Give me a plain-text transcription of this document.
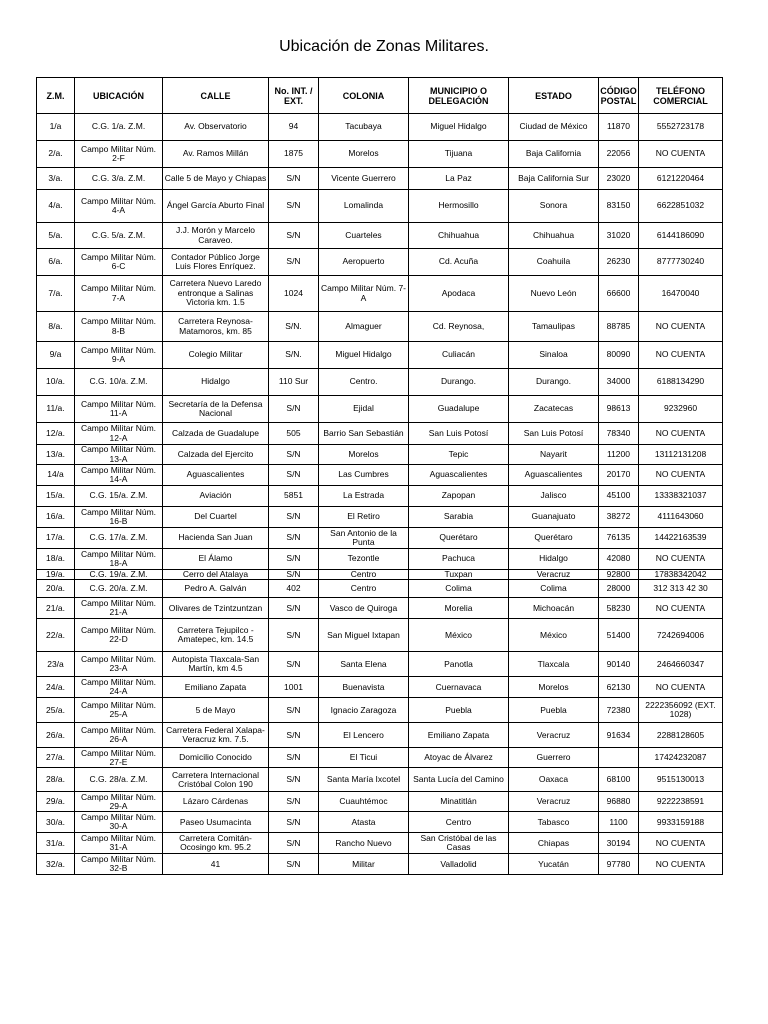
Ubicación de Zonas Militares.
Z.M.	UBICACIÓN	CALLE	No. INT. / EXT.	COLONIA	MUNICIPIO O DELEGACIÓN	ESTADO	CÓDIGO POSTAL	TELÉFONO COMERCIAL
1/a	C.G. 1/a. Z.M.	Av. Observatorio	94	Tacubaya	Miguel Hidalgo	Ciudad de México	11870	5552723178
2/a.	Campo Militar Núm. 2-F	Av. Ramos Millán	1875	Morelos	Tijuana	Baja California	22056	NO CUENTA
3/a.	C.G. 3/a. Z.M.	Calle 5 de Mayo y Chiapas	S/N	Vicente Guerrero	La Paz	Baja California Sur	23020	6121220464
4/a.	Campo Militar Núm. 4-A	Ángel García Aburto Final	S/N	Lomalinda	Hermosillo	Sonora	83150	6622851032
5/a.	C.G. 5/a. Z.M.	J.J. Morón y Marcelo Caraveo.	S/N	Cuarteles	Chihuahua	Chihuahua	31020	6144186090
6/a.	Campo Militar Núm. 6-C	Contador Público Jorge Luis Flores Enríquez.	S/N	Aeropuerto	Cd. Acuña	Coahuila	26230	8777730240
7/a.	Campo Militar Núm. 7-A	Carretera Nuevo Laredo entronque a Salinas Victoria km. 1.5	1024	Campo Militar Núm. 7-A	Apodaca	Nuevo León	66600	16470040
8/a.	Campo Militar Núm. 8-B	Carretera Reynosa-Matamoros, km. 85	S/N.	Almaguer	Cd. Reynosa,	Tamaulipas	88785	NO CUENTA
9/a	Campo Militar Núm. 9-A	Colegio Militar	S/N.	Miguel Hidalgo	Culiacán	Sinaloa	80090	NO CUENTA
10/a.	C.G. 10/a. Z.M.	Hidalgo	110 Sur	Centro.	Durango.	Durango.	34000	6188134290
11/a.	Campo Militar Núm. 11-A	Secretaría de la Defensa Nacional	S/N	Ejidal	Guadalupe	Zacatecas	98613	9232960
12/a.	Campo Militar Núm. 12-A	Calzada de Guadalupe	505	Barrio San Sebastián	San Luis Potosí	San Luis Potosí	78340	NO CUENTA
13/a.	Campo Militar Núm. 13-A	Calzada del Ejercito	S/N	Morelos	Tepic	Nayarit	11200	13112131208
14/a	Campo Militar Núm. 14-A	Aguascalientes	S/N	Las Cumbres	Aguascalientes	Aguascalientes	20170	NO CUENTA
15/a.	C.G. 15/a. Z.M.	Aviación	5851	La Estrada	Zapopan	Jalisco	45100	13338321037
16/a.	Campo Militar Núm. 16-B	Del Cuartel	S/N	El Retiro	Sarabia	Guanajuato	38272	4111643060
17/a.	C.G. 17/a. Z.M.	Hacienda San Juan	S/N	San Antonio de la Punta	Querétaro	Querétaro	76135	14422163539
18/a.	Campo Militar Núm. 18-A	El Álamo	S/N	Tezontle	Pachuca	Hidalgo	42080	NO CUENTA
19/a.	C.G. 19/a. Z.M.	Cerro del Atalaya	S/N	Centro	Tuxpan	Veracruz	92800	17838342042
20/a.	C.G. 20/a. Z.M.	Pedro A. Galván	402	Centro	Colima	Colima	28000	312 313 42 30
21/a.	Campo Militar Núm. 21-A	Olivares de Tzintzuntzan	S/N	Vasco de Quiroga	Morelia	Michoacán	58230	NO CUENTA
22/a.	Campo Militar Núm. 22-D	Carretera Tejupilco - Amatepec, km. 14.5	S/N	San Miguel Ixtapan	México	México	51400	7242694006
23/a	Campo Militar Núm. 23-A	Autopista Tlaxcala-San Martín, km 4.5	S/N	Santa Elena	Panotla	Tlaxcala	90140	2464660347
24/a.	Campo Militar Núm. 24-A	Emiliano Zapata	1001	Buenavista	Cuernavaca	Morelos	62130	NO CUENTA
25/a.	Campo Militar Núm. 25-A	5 de Mayo	S/N	Ignacio Zaragoza	Puebla	Puebla	72380	2222356092 (EXT. 1028)
26/a.	Campo Militar Núm. 26-A	Carretera Federal Xalapa-Veracruz km. 7.5.	S/N	El Lencero	Emiliano Zapata	Veracruz	91634	2288128605
27/a.	Campo Militar Núm. 27-E	Domicilio Conocido	S/N	El Ticui	Atoyac de Álvarez	Guerrero		17424232087
28/a.	C.G. 28/a. Z.M.	Carretera Internacional Cristóbal Colon 190	S/N	Santa María Ixcotel	Santa Lucía del Camino	Oaxaca	68100	9515130013
29/a.	Campo Militar Núm. 29-A	Lázaro Cárdenas	S/N	Cuauhtémoc	Minatitlán	Veracruz	96880	9222238591
30/a.	Campo Militar Núm. 30-A	Paseo Usumacinta	S/N	Atasta	Centro	Tabasco	1100	9933159188
31/a.	Campo Militar Núm. 31-A	Carretera Comitán-Ocosingo km. 95.2	S/N	Rancho Nuevo	San Cristóbal de las Casas	Chiapas	30194	NO CUENTA
32/a.	Campo Militar Núm. 32-B	41	S/N	Militar	Valladolid	Yucatán	97780	NO CUENTA
